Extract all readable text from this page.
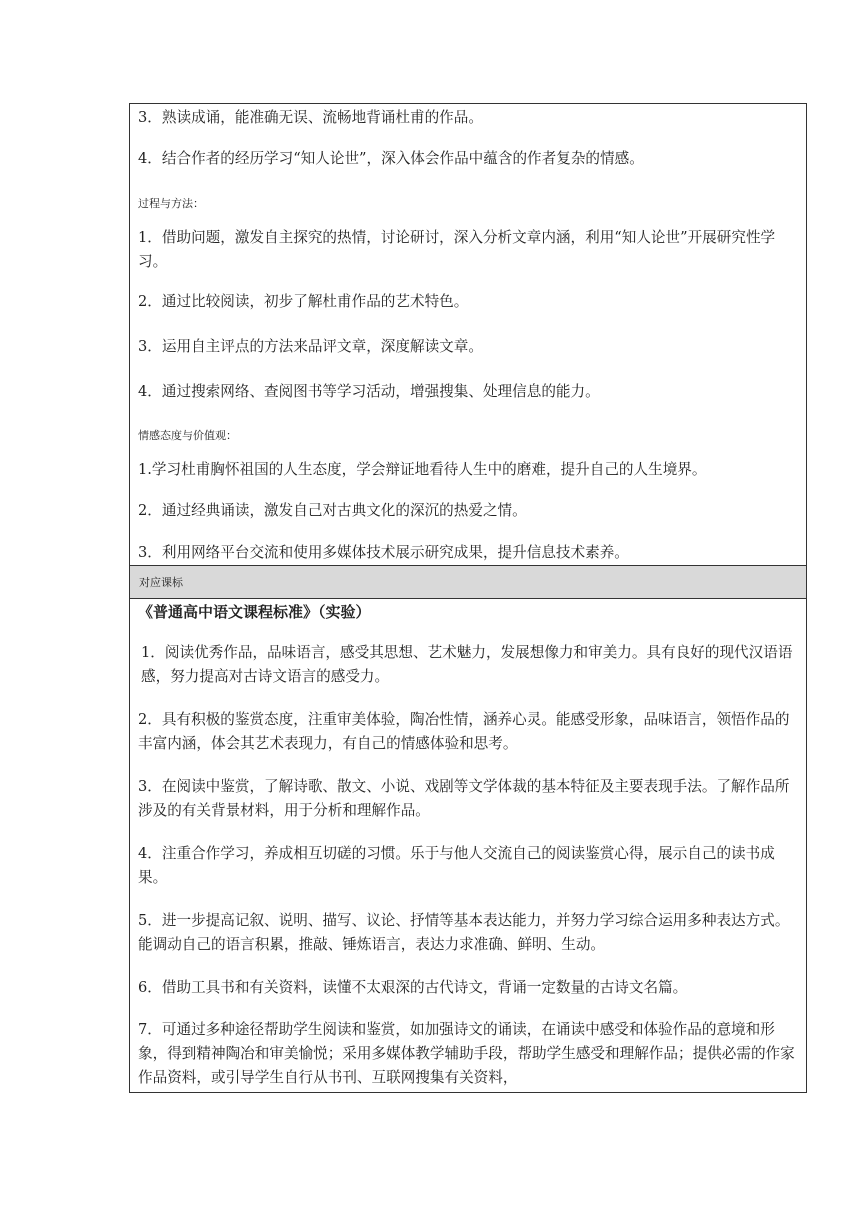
3．熟读成诵，能准确无误、流畅地背诵杜甫的作品。

4．结合作者的经历学习“知人论世”，深入体会作品中蕴含的作者复杂的情感。

过程与方法：

1．借助问题，激发自主探究的热情，讨论研讨，深入分析文章内涵，利用“知人论世”开展研究性学习。

2．通过比较阅读，初步了解杜甫作品的艺术特色。

3．运用自主评点的方法来品评文章，深度解读文章。

4．通过搜索网络、查阅图书等学习活动，增强搜集、处理信息的能力。

情感态度与价值观：

1.学习杜甫胸怀祖国的人生态度，学会辩证地看待人生中的磨难，提升自己的人生境界。

2．通过经典诵读，激发自己对古典文化的深沉的热爱之情。

3．利用网络平台交流和使用多媒体技术展示研究成果，提升信息技术素养。

对应课标

《普通高中语文课程标准》（实验）

1．阅读优秀作品，品味语言，感受其思想、艺术魅力，发展想像力和审美力。具有良好的现代汉语语感，努力提高对古诗文语言的感受力。

2．具有积极的鉴赏态度，注重审美体验，陶冶性情，涵养心灵。能感受形象，品味语言，领悟作品的丰富内涵，体会其艺术表现力，有自己的情感体验和思考。

3．在阅读中鉴赏，了解诗歌、散文、小说、戏剧等文学体裁的基本特征及主要表现手法。了解作品所涉及的有关背景材料，用于分析和理解作品。

4．注重合作学习，养成相互切磋的习惯。乐于与他人交流自己的阅读鉴赏心得，展示自己的读书成果。

5．进一步提高记叙、说明、描写、议论、抒情等基本表达能力，并努力学习综合运用多种表达方式。能调动自己的语言积累，推敲、锤炼语言，表达力求准确、鲜明、生动。

6．借助工具书和有关资料，读懂不太艰深的古代诗文，背诵一定数量的古诗文名篇。

7．可通过多种途径帮助学生阅读和鉴赏，如加强诗文的诵读，在诵读中感受和体验作品的意境和形象，得到精神陶冶和审美愉悦；采用多媒体教学辅助手段，帮助学生感受和理解作品；提供必需的作家作品资料，或引导学生自行从书刊、互联网搜集有关资料，
